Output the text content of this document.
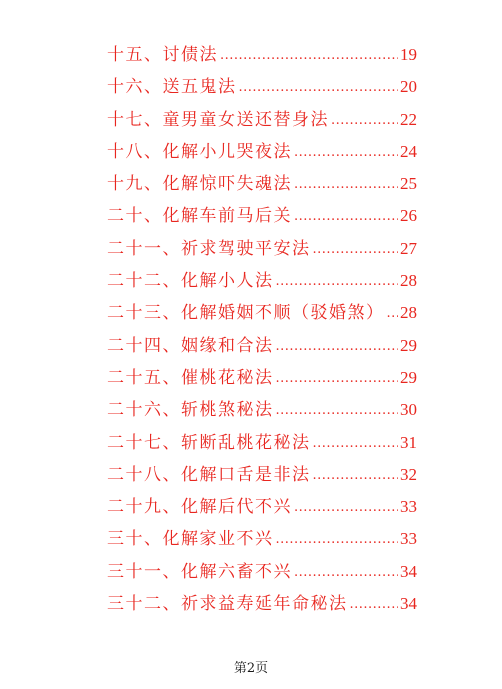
十五、讨债法 .....	19
十六、送五鬼法 .....	20
十七、童男童女送还替身法 .....	22
十八、化解小儿哭夜法 .....	24
十九、化解惊吓失魂法 .....	25
二十、化解车前马后关 .....	26
二十一、祈求驾驶平安法 .....	27
二十二、化解小人法 .....	28
二十三、化解婚姻不顺（驳婚煞） ..... 28
二十四、姻缘和合法 .....	29
二十五、催桃花秘法 .....	29
二十六、斩桃煞秘法 .....	30
二十七、斩断乱桃花秘法 .....	31
二十八、化解口舌是非法 .....	32
二十九、化解后代不兴 .....	33
三十、化解家业不兴 .....	33
三十一、化解六畜不兴 .....	34
三十二、祈求益寿延年命秘法 .....	34
第2页
